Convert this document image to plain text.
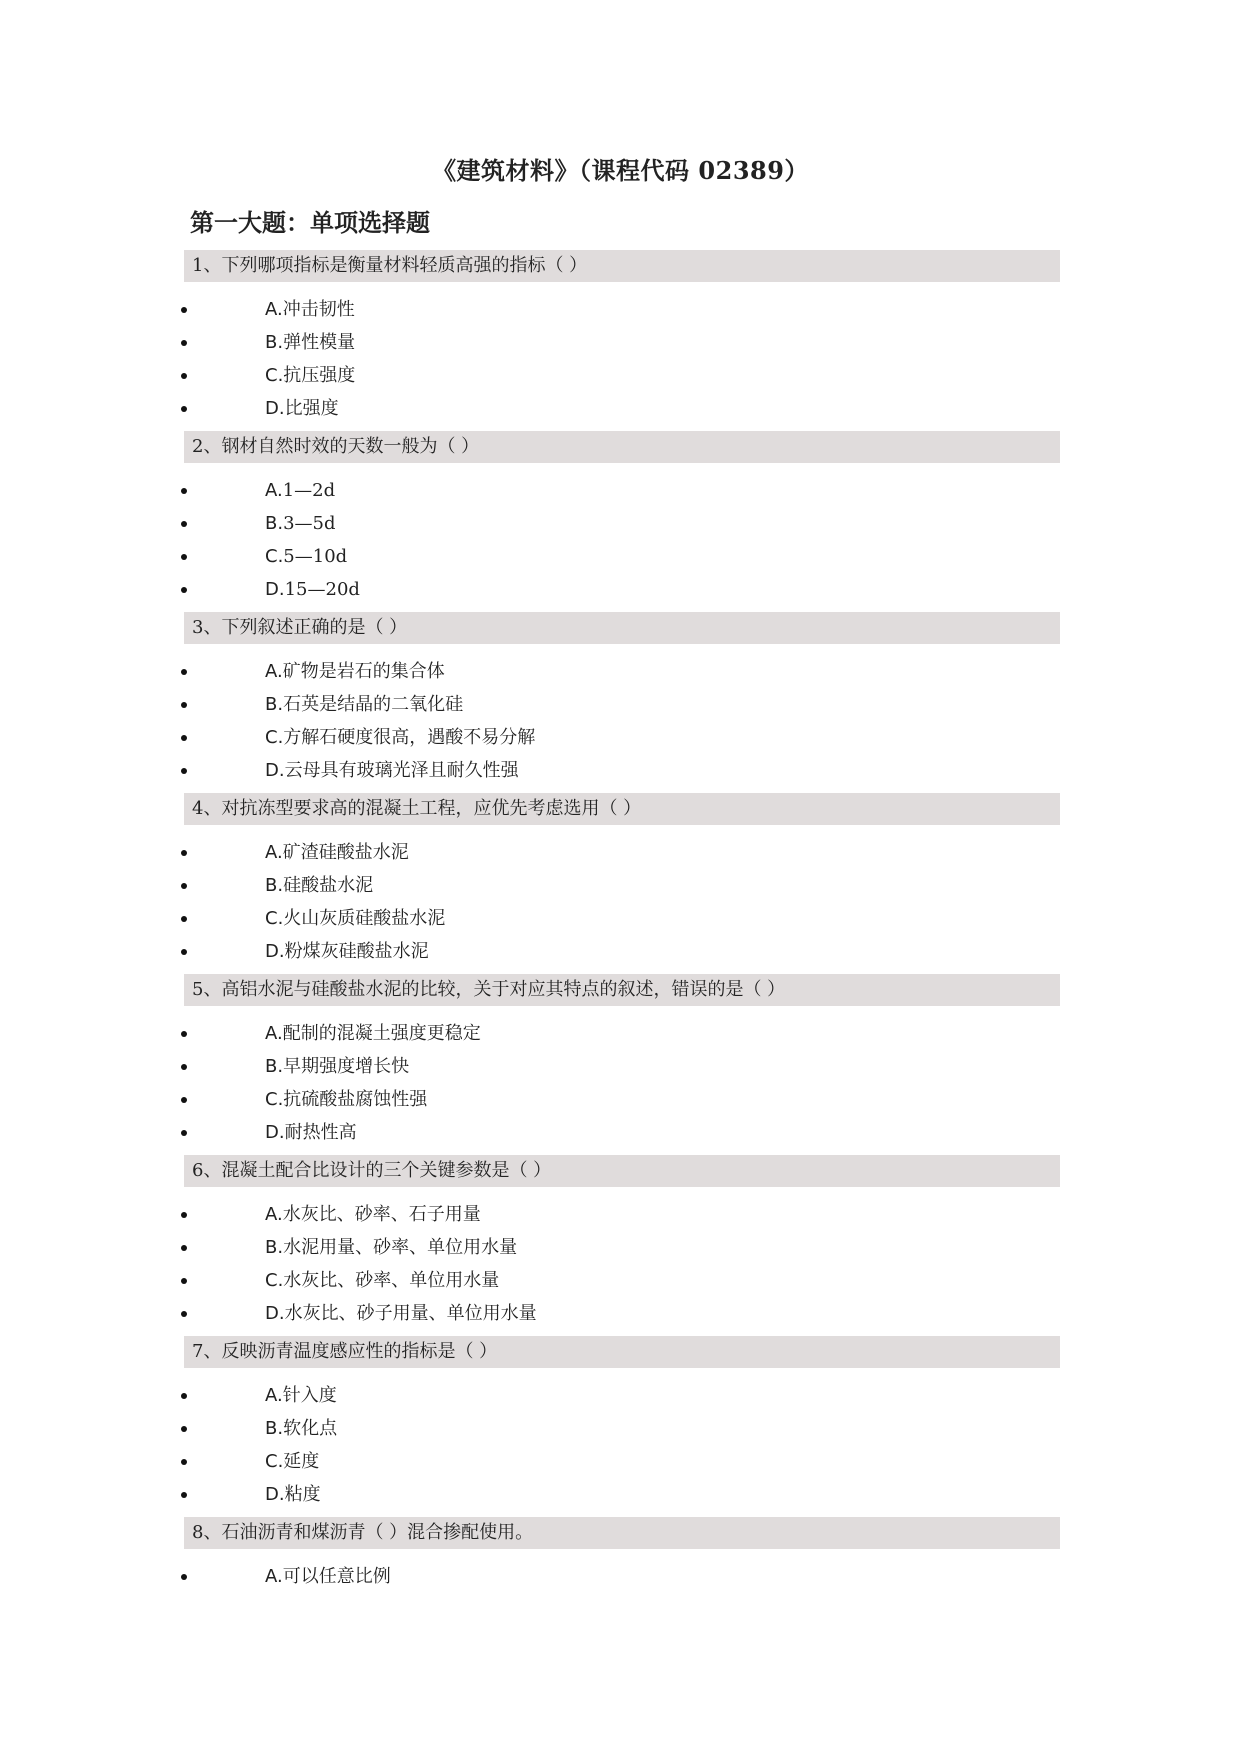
《建筑材料》（课程代码 02389）
第一大题：单项选择题
1、下列哪项指标是衡量材料轻质高强的指标（ ）
A.冲击韧性
B.弹性模量
C.抗压强度
D.比强度
2、钢材自然时效的天数一般为（ ）
A.1—2d
B.3—5d
C.5—10d
D.15—20d
3、下列叙述正确的是（ ）
A.矿物是岩石的集合体
B.石英是结晶的二氧化硅
C.方解石硬度很高，遇酸不易分解
D.云母具有玻璃光泽且耐久性强
4、对抗冻型要求高的混凝土工程，应优先考虑选用（ ）
A.矿渣硅酸盐水泥
B.硅酸盐水泥
C.火山灰质硅酸盐水泥
D.粉煤灰硅酸盐水泥
5、高铝水泥与硅酸盐水泥的比较，关于对应其特点的叙述，错误的是（ ）
A.配制的混凝土强度更稳定
B.早期强度增长快
C.抗硫酸盐腐蚀性强
D.耐热性高
6、混凝土配合比设计的三个关键参数是（ ）
A.水灰比、砂率、石子用量
B.水泥用量、砂率、单位用水量
C.水灰比、砂率、单位用水量
D.水灰比、砂子用量、单位用水量
7、反映沥青温度感应性的指标是（ ）
A.针入度
B.软化点
C.延度
D.粘度
8、石油沥青和煤沥青（ ）混合掺配使用。
A.可以任意比例
